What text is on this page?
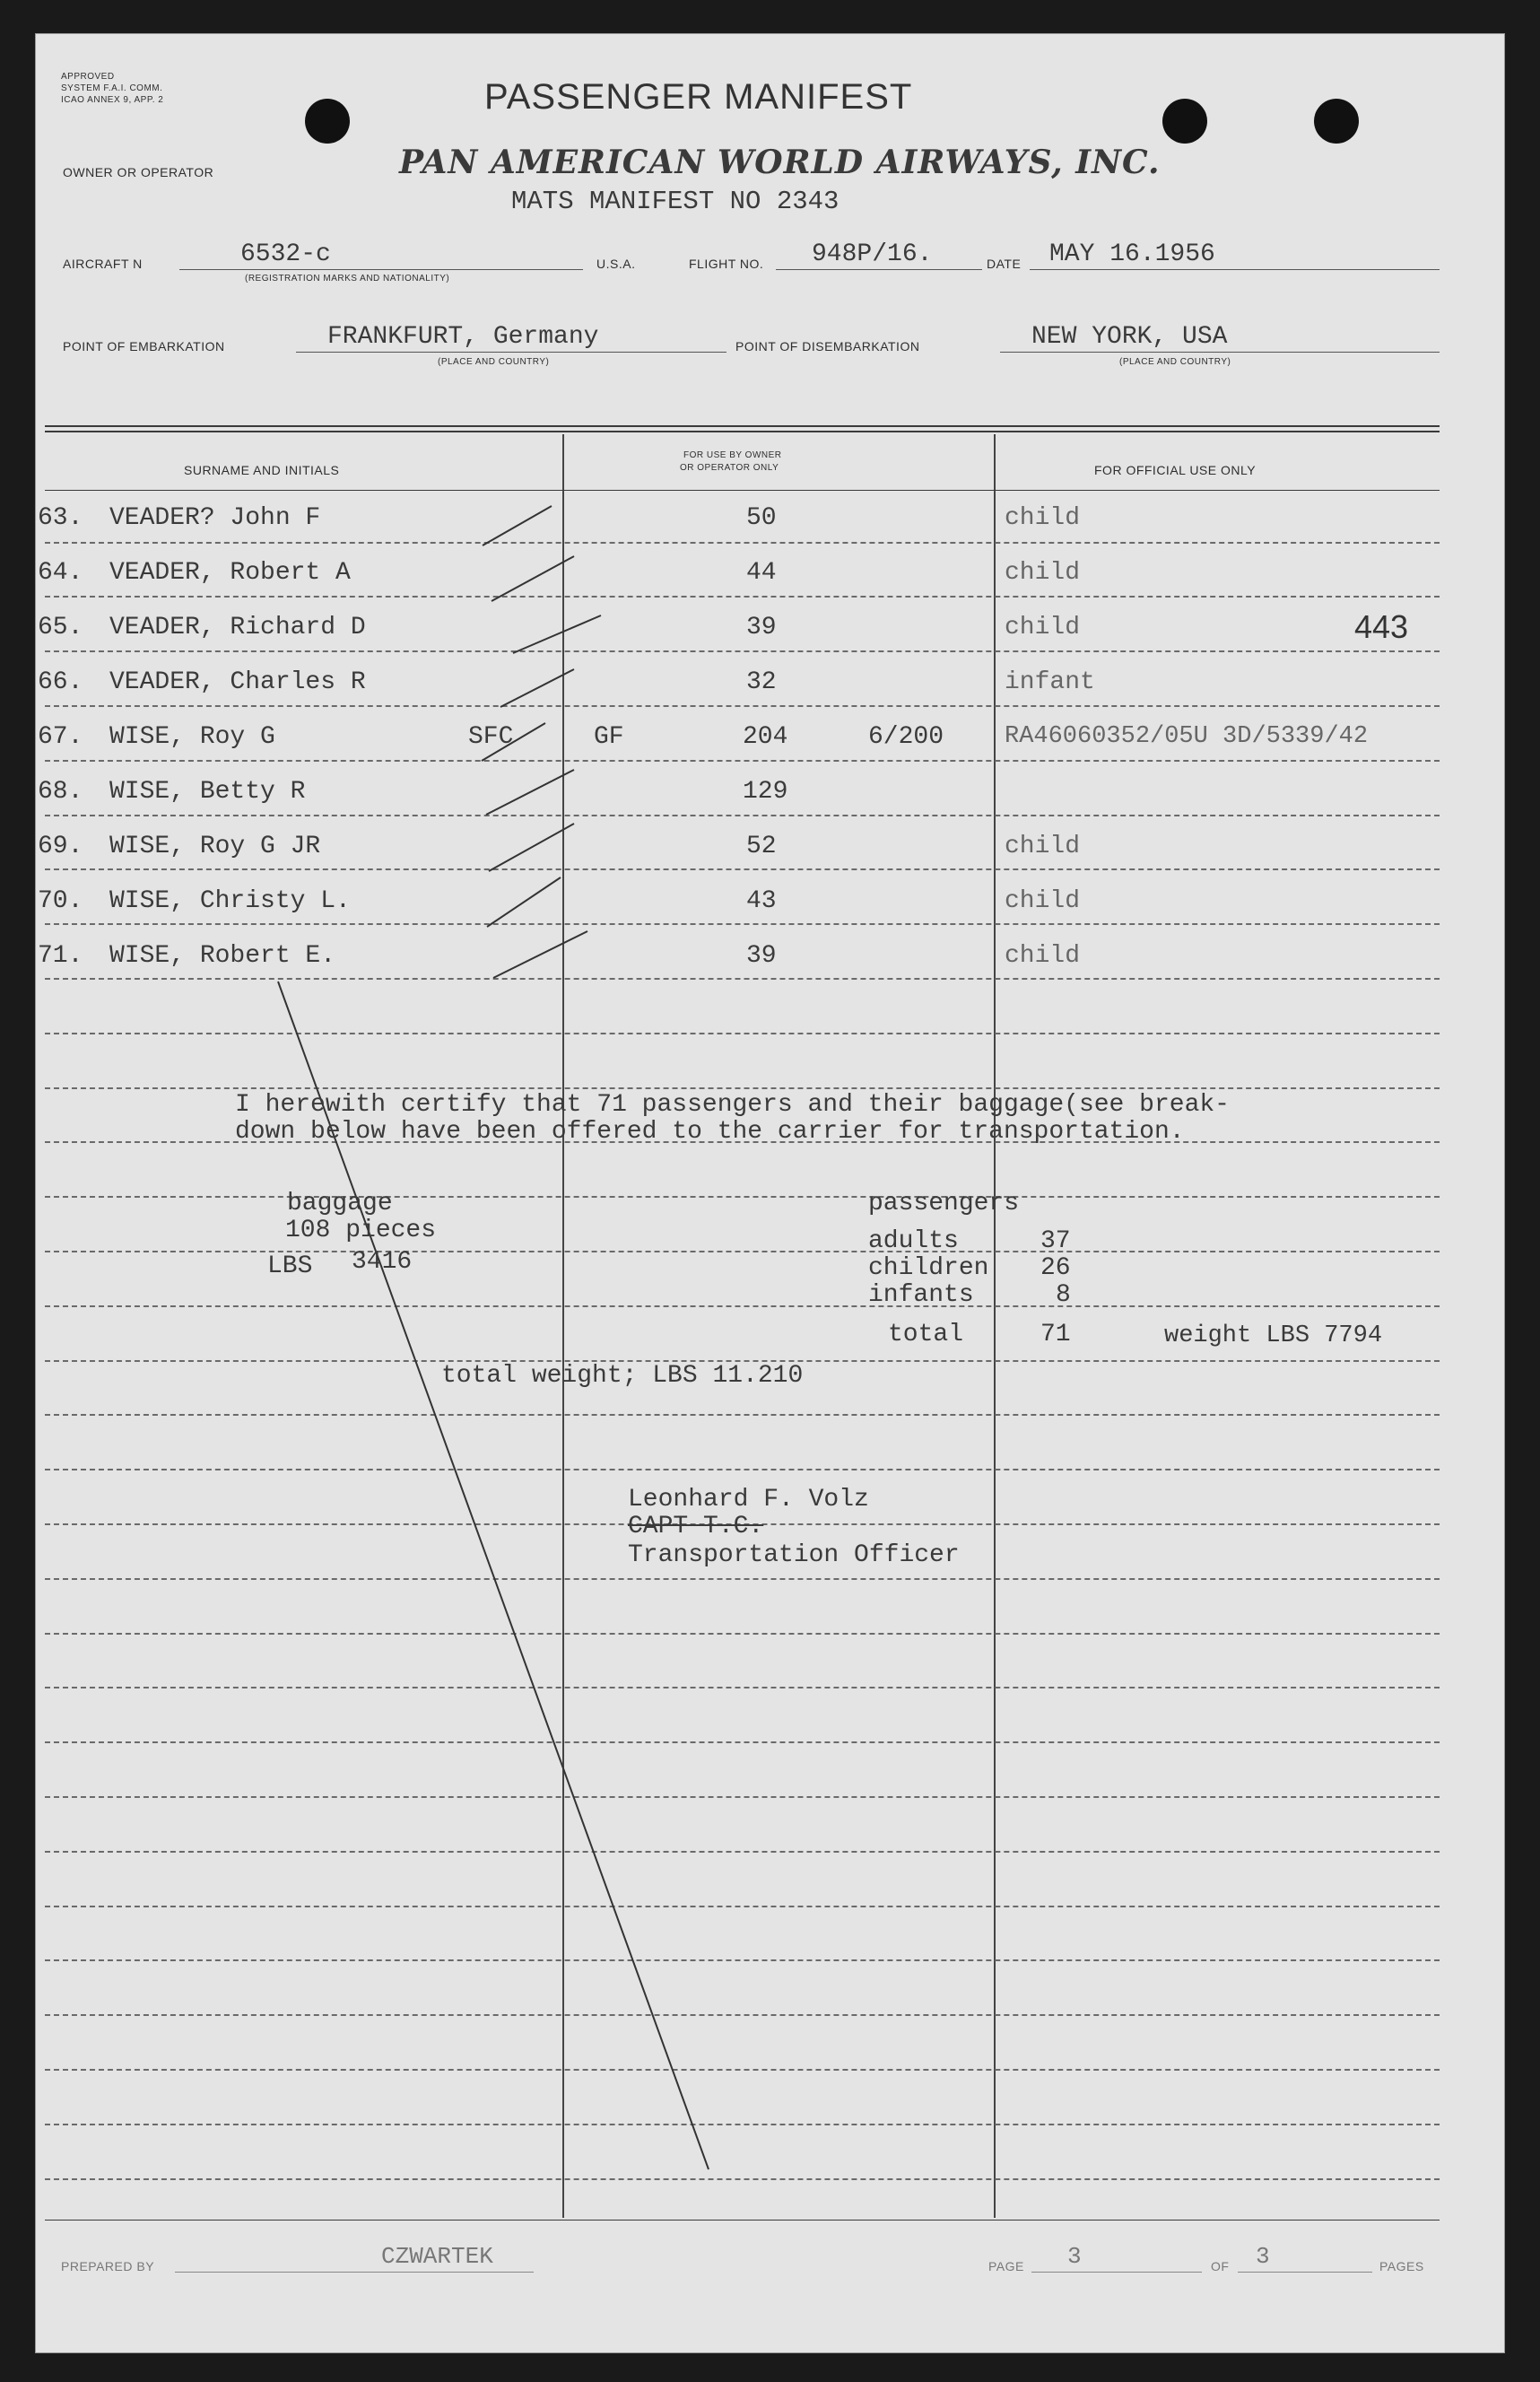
APPROVED
SYSTEM F.A.I. COMM.
ICAO ANNEX 9, APP. 2	PASSENGER MANIFEST
OWNER OR OPERATOR	PAN AMERICAN WORLD AIRWAYS, INC.
MATS MANIFEST NO 2343
AIRCRAFT N	6532-c
(REGISTRATION MARKS AND NATIONALITY)
U.S.A.	FLIGHT NO. 948P/16.	DATE MAY 16.1956
POINT OF EMBARKATION	FRANKFURT, Germany
(PLACE AND COUNTRY)
POINT OF DISEMBARKATION	NEW YORK, USA
(PLACE AND COUNTRY)
SURNAME AND INITIALS
FOR USE BY OWNER
OR OPERATOR ONLY	FOR OFFICIAL USE ONLY
63. VEADER? John F	50	child
64. VEADER, Robert A	44	child
65. VEADER, Richard D	39	child	443
66. VEADER, Charles R	32	infant
67. WISE, Roy G	SFC	GF	204	6/200	RA46060352/05U 3D/5339/42
68. WISE, Betty R	129
69. WISE, Roy G JR	52	child
70. WISE, Christy L.	43	child
71. WISE, Robert E.	39	child
I herewith certify that 71 passengers and their baggage(see break-
down below have been offered to the carrier for transportation.
baggage
108 pieces
LBS 3416
passengers
adults	37
children 26
infants	8
total	71	weight LBS 7794
total weight; LBS 11.210
Leonhard F. Volz
CAPT T.C.
Transportation Officer
PREPARED BY	CZWARTEK	PAGE 3	OF 3	PAGES
